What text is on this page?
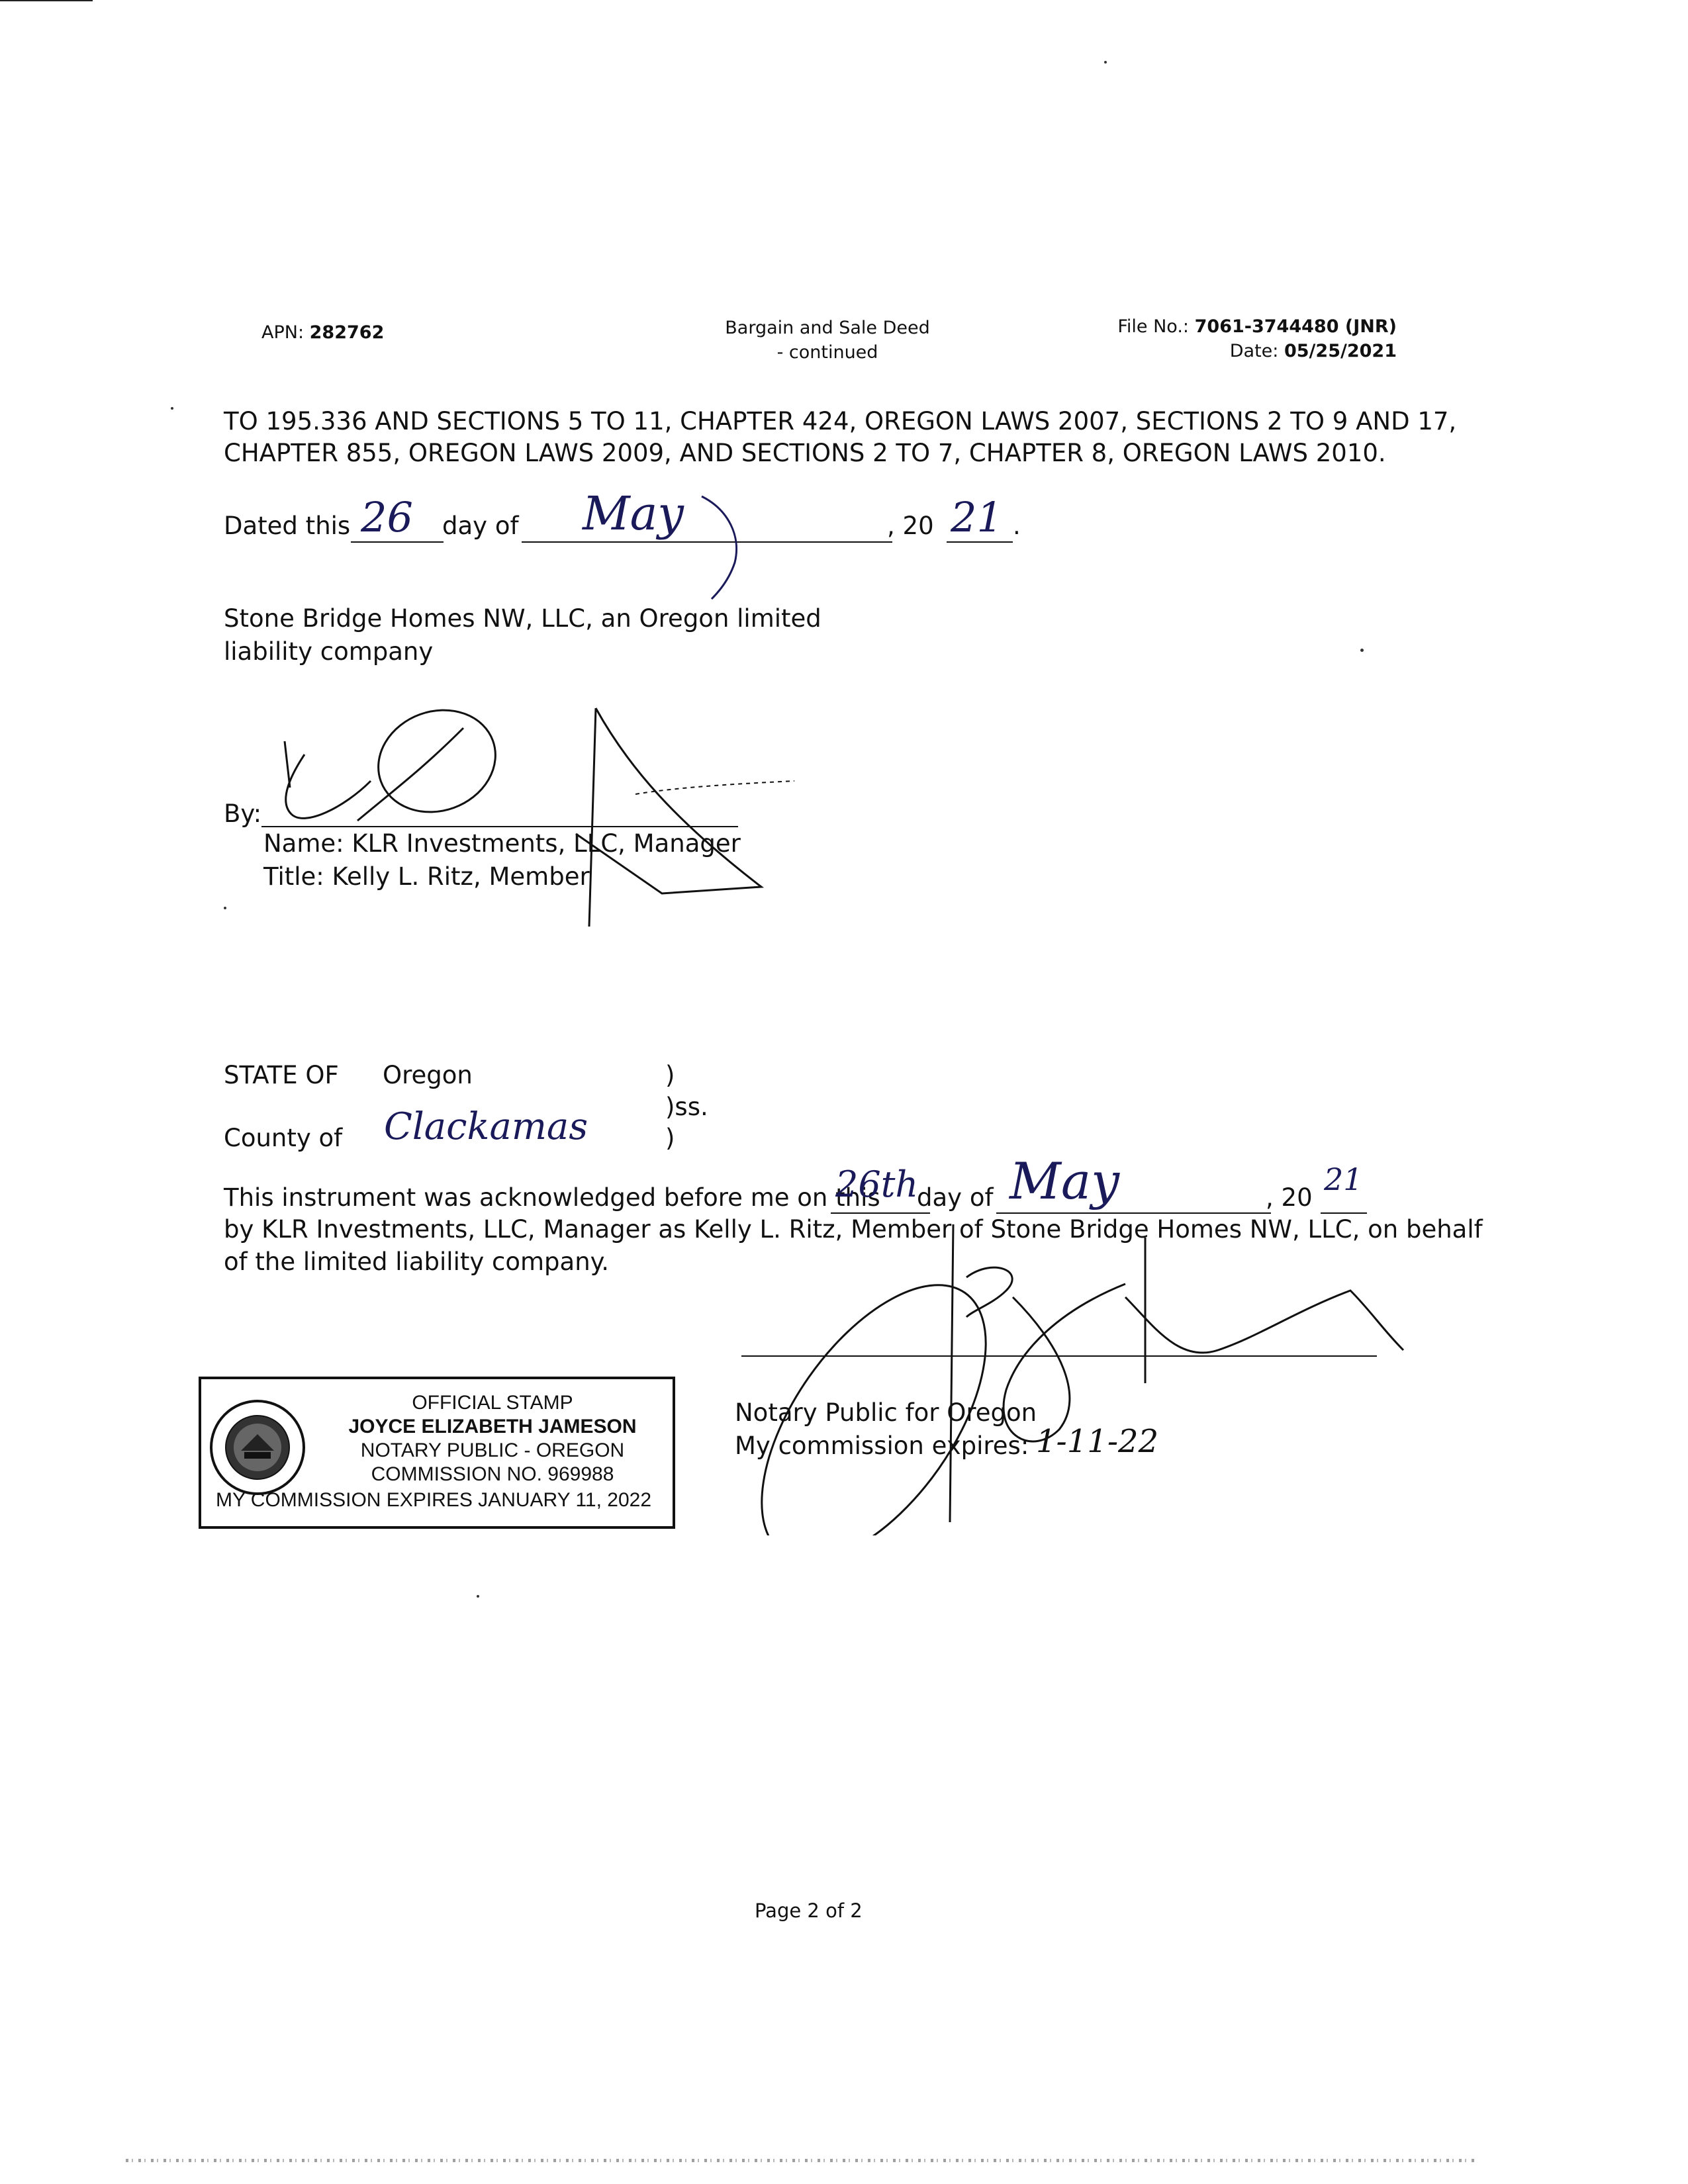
APN: 282762	Bargain and Sale Deed
- continued
File No.: 7061-3744480 (JNR)
Date: 05/25/2021
TO 195.336 AND SECTIONS 5 TO 11, CHAPTER 424, OREGON LAWS 2007, SECTIONS 2 TO 9 AND 17,
CHAPTER 855, OREGON LAWS 2009, AND SECTIONS 2 TO 7, CHAPTER 8, OREGON LAWS 2010.
Dated this 26 day of May	, 20 21 .
Stone Bridge Homes NW, LLC, an Oregon limited
liability company
By:
Name: KLR Investments, LLC, Manager
Title: Kelly L. Ritz, Member
STATE OF Oregon	)
)ss.
County of Clackamas	)
This instrument was acknowledged before me on this
26th
day of May	, 20
21
by KLR Investments, LLC, Manager as Kelly L. Ritz, Member of Stone Bridge Homes NW, LLC, on behalf
of the limited liability company.
Notary Public for Oregon
My commission expires: 1-11-22
OFFICIAL STAMP
JOYCE ELIZABETH JAMESON
NOTARY PUBLIC - OREGON
COMMISSION NO. 969988
MY COMMISSION EXPIRES JANUARY 11, 2022
Page 2 of 2
